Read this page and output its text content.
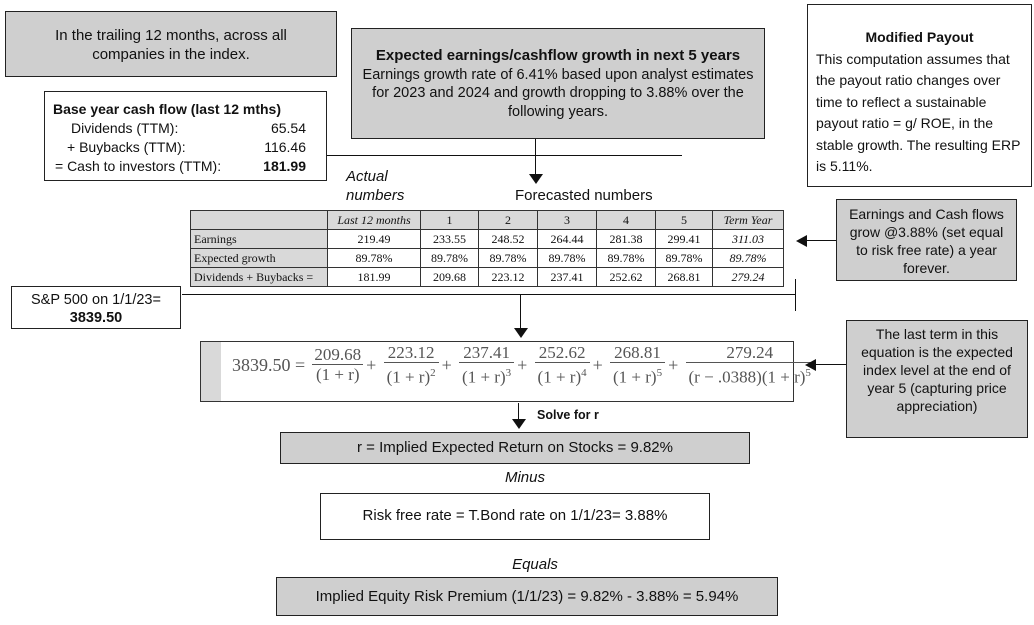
In the trailing 12 months, across all companies in the index.	Expected earnings/cashflow growth in next 5 years
Earnings growth rate of 6.41% based upon analyst estimates for 2023 and 2024 and growth dropping to 3.88% over the following years.
Modified Payout
This computation assumes that the payout ratio changes over time to reflect a sustainable payout ratio = g/ ROE, in the stable growth. The resulting ERP is 5.11%.
Base year cash flow (last 12 mths)
Dividends (TTM):	65.54
+ Buybacks (TTM):	116.46
= Cash to investors (TTM):	181.99
Actual
numbers	Forecasted numbers
	Last 12 months	1	2	3	4	5	Term Year
Earnings	219.49	233.55	248.52	264.44	281.38	299.41	311.03
Expected growth	89.78%	89.78%	89.78%	89.78%	89.78%	89.78%	89.78%
Dividends + Buybacks =	181.99	209.68	223.12	237.41	252.62	268.81	279.24
Earnings and Cash flows grow @3.88% (set equal to risk free rate) a year forever.
S&P 500 on 1/1/23=
3839.50
$3839.50 = \frac{209.68}{(1 + r)} + \frac{223.12}{(1 + r)^2} + \frac{237.41}{(1 + r)^3} + \frac{252.62}{(1 + r)^4} + \frac{268.81}{(1 + r)^5} + \frac{279.24}{(r - .0388)(1 + r)^5}$
The last term in this equation is the expected index level at the end of year 5 (capturing price appreciation)
Solve for r
r = Implied Expected Return on Stocks = 9.82%
Minus
Risk free rate = T.Bond rate on 1/1/23= 3.88%
Equals
Implied Equity Risk Premium (1/1/23) = 9.82% - 3.88% = 5.94%
